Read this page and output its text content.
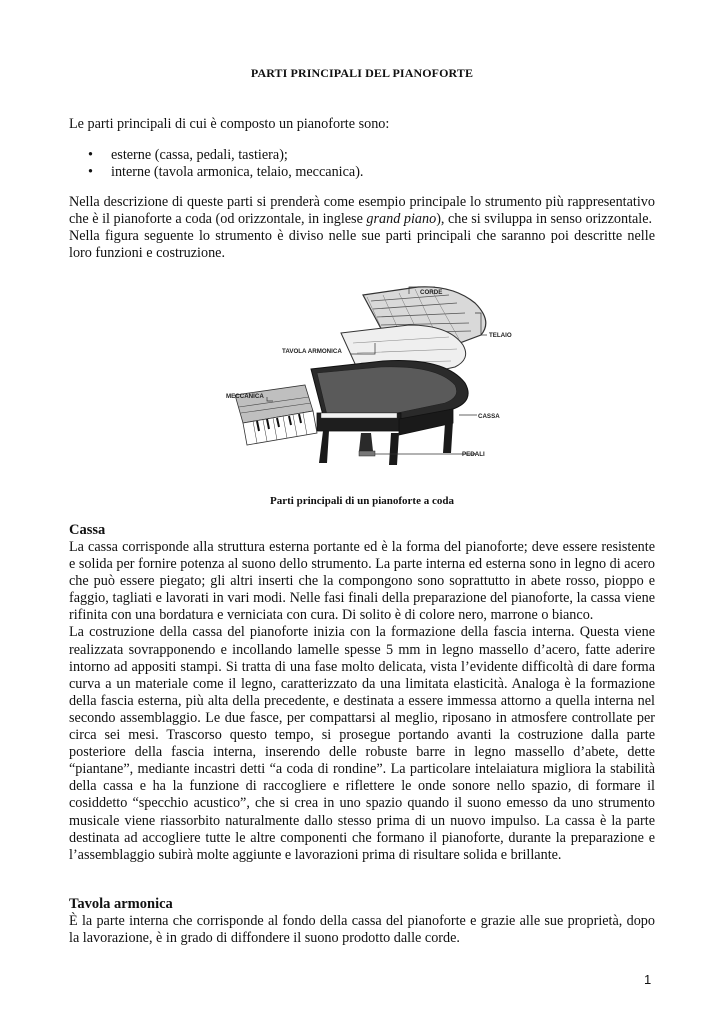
PARTI PRINCIPALI DEL PIANOFORTE

Le parti principali di cui è composto un pianoforte sono:

• esterne (cassa, pedali, tastiera);
• interne (tavola armonica, telaio, meccanica).

Nella descrizione di queste parti si prenderà come esempio principale lo strumento più rappresentativo che è il pianoforte a coda (od orizzontale, in inglese grand piano), che si sviluppa in senso orizzontale.

Nella figura seguente lo strumento è diviso nelle sue parti principali che saranno poi descritte nelle loro funzioni e costruzione.

CORDE
TELAIO
TAVOLA ARMONICA
MECCANICA
CASSA
PEDALI
Parti principali di un pianoforte a coda
Cassa

La cassa corrisponde alla struttura esterna portante ed è la forma del pianoforte; deve essere resistente e solida per fornire potenza al suono dello strumento. La parte interna ed esterna sono in legno di acero che può essere piegato; gli altri inserti che la compongono sono soprattutto in abete rosso, pioppo e faggio, tagliati e lavorati in vari modi. Nelle fasi finali della preparazione del pianoforte, la cassa viene rifinita con una bordatura e verniciata con cura. Di solito è di colore nero, marrone o bianco.

La costruzione della cassa del pianoforte inizia con la formazione della fascia interna. Questa viene realizzata sovrapponendo e incollando lamelle spesse 5 mm in legno massello d’acero, fatte aderire intorno ad appositi stampi. Si tratta di una fase molto delicata, vista l’evidente difficoltà di dare forma curva a un materiale come il legno, caratterizzato da una limitata elasticità. Analoga è la formazione della fascia esterna, più alta della precedente, e destinata a essere immessa attorno a quella interna nel secondo assemblaggio. Le due fasce, per compattarsi al meglio, riposano in atmosfere controllate per circa sei mesi. Trascorso questo tempo, si prosegue portando avanti la costruzione dalla parte posteriore della fascia interna, inserendo delle robuste barre in legno massello d’abete, dette “piantane”, mediante incastri detti “a coda di rondine”. La particolare intelaiatura migliora la stabilità della cassa e ha la funzione di raccogliere e riflettere le onde sonore nello spazio, di formare il cosiddetto “specchio acustico”, che si crea in uno spazio quando il suono emesso da uno strumento musicale viene riassorbito naturalmente dallo stesso prima di un nuovo impulso. La cassa è la parte destinata ad accogliere tutte le altre componenti che formano il pianoforte, durante la preparazione e l’assemblaggio subirà molte aggiunte e lavorazioni prima di risultare solida e brillante.

Tavola armonica

È la parte interna che corrisponde al fondo della cassa del pianoforte e grazie alle sue proprietà, dopo la lavorazione, è in grado di diffondere il suono prodotto dalle corde.

1
